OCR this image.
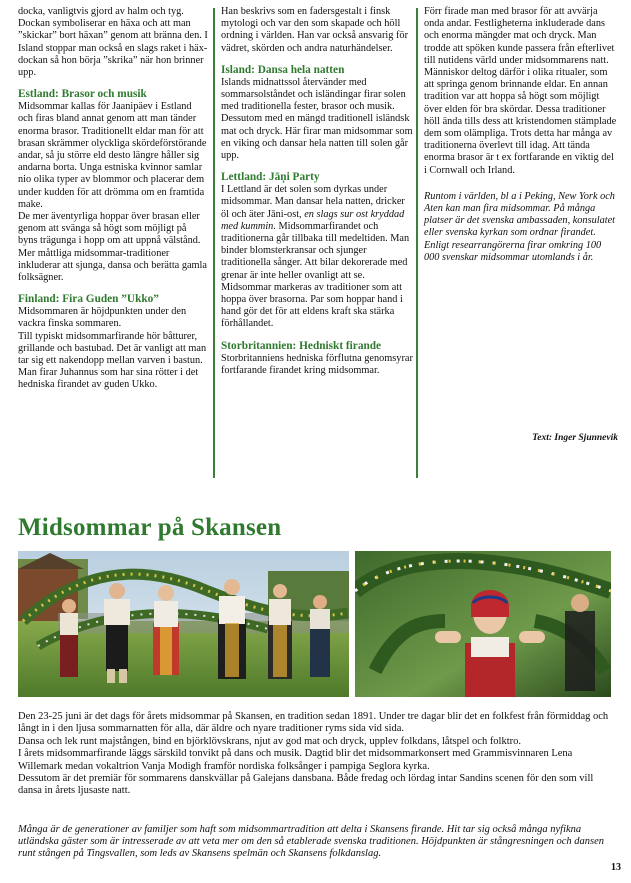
docka, vanligtvis gjord av halm och tyg. Dockan symboliserar en häxa och att man ”skickar” bort häxan” genom att bränna den. I Island stoppar man också en slags raket i häx-dockan så hon börja ”skrika” när hon brinner upp.

Estland: Brasor och musik

Midsommar kallas för Jaanipäev i Estland och firas bland annat genom att man tänder enorma brasor. Traditionellt eldar man för att brasan skrämmer olyckliga skördeförstörande andar, så ju större eld desto längre håller sig andarna borta. Unga estniska kvinnor samlar nio olika typer av blommor och placerar dem under kudden för att drömma om en framtida make.

De mer äventyrliga hoppar över brasan eller genom att svänga så högt som möjligt på byns trägunga i hopp om att uppnå välstånd. Mer måttliga midsommar-traditioner inkluderar att sjunga, dansa och berätta gamla folksägner.

Finland: Fira Guden ”Ukko”

Midsommaren är höjdpunkten under den vackra finska sommaren.

Till typiskt midsommarfirande hör båtturer, grillande och bastubad. Det är vanligt att man tar sig ett nakendopp mellan varven i bastun.

Man firar Juhannus som har sina rötter i det hedniska firandet av guden Ukko.

Han beskrivs som en fadersgestalt i finsk mytologi och var den som skapade och höll ordning i världen. Han var också ansvarig för vädret, skörden och andra naturhändelser.

Island: Dansa hela natten

Islands midnattssol återvänder med sommarsolståndet och isländingar firar solen med traditionella fester, brasor och musik. Dessutom med en mängd traditionell isländsk mat och dryck. Här firar man midsommar som en viking och dansar hela natten till solen går upp.

Lettland: Jāņi Party

I Lettland är det solen som dyrkas under midsommar. Man dansar hela natten, dricker öl och äter Jāni-ost, en slags sur ost kryddad med kummin. Midsommarfirandet och traditionerna går tillbaka till medeltiden. Man binder blomsterkransar och sjunger traditionella sånger. Att bilar dekorerade med grenar är inte heller ovanligt att se.

Midsommar markeras av traditioner som att hoppa över brasorna. Par som hoppar hand i hand gör det för att eldens kraft ska stärka förhållandet.

Storbritannien: Hedniskt firande

Storbritanniens hedniska förflutna genomsyrar fortfarande firandet kring midsommar.

Förr firade man med brasor för att avvärja onda andar. Festligheterna inkluderade dans och enorma mängder mat och dryck. Man trodde att spöken kunde passera från efterlivet till nutidens värld under midsommarens natt.

Människor deltog därför i olika ritualer, som att springa genom brinnande eldar. En annan tradition var att hoppa så högt som möjligt över elden för bra skördar. Dessa traditioner höll ända tills dess att kristendomen stämplade dem som olämpliga. Trots detta har många av traditionerna överlevt till idag. Att tända enorma brasor är t ex fortfarande en viktig del i Cornwall och Irland.

Runtom i världen, bl a i Peking, New York och Aten kan man fira midsommar. På många platser är det svenska ambassaden, konsulatet eller svenska kyrkan som ordnar firandet.

Enligt researrangörerna firar omkring 100 000 svenskar midsommar utomlands i år.

Text: Inger Sjunnevik
Midsommar på Skansen

Den 23-25 juni är det dags för årets midsommar på Skansen, en tradition sedan 1891. Under tre dagar blir det en folkfest från förmiddag och långt in i den ljusa sommarnatten för alla, där äldre och nyare traditioner ryms sida vid sida.

Dansa och lek runt majstången, bind en björklövskrans, njut av god mat och dryck, upplev folkdans, låtspel och folktro.

I årets midsommarfirande läggs särskild tonvikt på dans och musik. Dagtid blir det midsommarkonsert med Grammisvinnaren Lena Willemark medan vokaltrion Vanja Modigh framför nordiska folksånger i pampiga Seglora kyrka.

Dessutom är det premiär för sommarens danskvällar på Galejans dansbana. Både fredag och lördag intar Sandins scenen för den som vill dansa in årets ljusaste natt.

Många är de generationer av familjer som haft som midsommartradition att delta i Skansens firande. Hit tar sig också många nyfikna utländska gäster som är intresserade av att veta mer om den så etablerade svenska traditionen. Höjdpunkten är stångresningen och dansen runt stången på Tingsvallen, som leds av Skansens spelmän och Skansens folkdanslag.

13
